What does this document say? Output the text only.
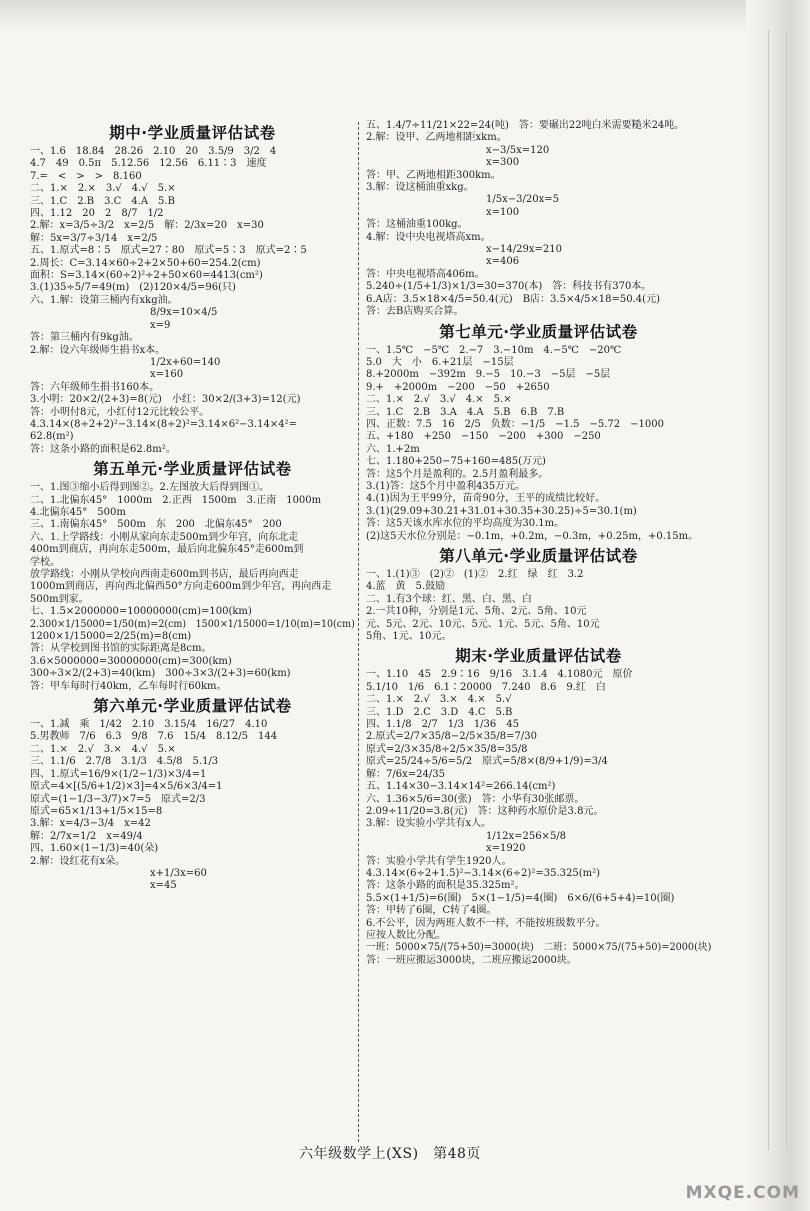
期中·学业质量评估试卷
一、1.6　18.84　28.26　2.10　20　3.5/9　3/2　4
4.7　49　0.5π　5.12.56　12.56　6.11∶3　速度
7.=　<　>　>　8.160
二、1.×　2.×　3.√　4.√　5.×
三、1.C　2.B　3.C　4.A　5.B
四、1.12　20　2　8/7　1/2
2.解：x=3/5÷3/2　x=2/5　解：2/3x=20　x=30
解：5x=3/7÷3/14　x=2/5
五、1.原式=8∶5　原式=27∶80　原式=5∶3　原式=2∶5
2.周长：C=3.14×60÷2+2×50+60=254.2(cm)
面积：S=3.14×(60÷2)²÷2+50×60=4413(cm²)
3.(1)35÷5/7=49(m)　(2)120×4/5=96(只)
六、1.解：设第三桶内有xkg油。
8/9x=10×4/5
x=9
答：第三桶内有9kg油。
2.解：设六年级师生捐书x本。
1/2x+60=140
x=160
答：六年级师生捐书160本。
3.小明：20×2/(2+3)=8(元)　小红：30×2/(3+3)=12(元)
答：小明付8元，小红付12元比较公平。
4.3.14×(8÷2+2)²−3.14×(8÷2)²=3.14×6²−3.14×4²=
62.8(m²)
答：这条小路的面积是62.8m²。
第五单元·学业质量评估试卷
一、1.图③缩小后得到图②。2.左图放大后得到图①。
二、1.北偏东45°　1000m　2.正西　1500m　3.正南　1000m
4.北偏东45°　500m
三、1.南偏东45°　500m　东　200　北偏东45°　200
六、1.上学路线：小刚从家向东走500m到少年宫，向东北走
400m到商店，再向东走500m，最后向北偏东45°走600m到
学校。
放学路线：小刚从学校向西南走600m到书店，最后再向西走
1000m到商店，再向西北偏西50°方向走600m到少年宫，再向西走
500m到家。
七、1.5×2000000=10000000(cm)=100(km)
2.300×1/15000=1/50(m)=2(cm)　1500×1/15000=1/10(m)=10(cm)
1200×1/15000=2/25(m)=8(cm)
答：从学校到图书馆的实际距离是8cm。
3.6×5000000=30000000(cm)=300(km)
300÷3×2/(2+3)=40(km)　300÷3×3/(2+3)=60(km)
答：甲车每时行40km，乙车每时行60km。
第六单元·学业质量评估试卷
一、1.减　乘　1/42　2.10　3.15/4　16/27　4.10
5.男教师　7/6　6.3　9/8　7.6　15/4　8.12/5　144
二、1.×　2.√　3.×　4.√　5.×
三、1.1/6　2.7/8　3.1/3　4.5/8　5.1/3
四、1.原式=16/9×(1/2−1/3)×3/4=1
原式=4×[(5/6+1/2)×3]=4×5/6×3/4=1
原式=(1−1/3−3/7)×7=5　原式=2/3
原式=65×1/13+1/5×15=8
3.解：x=4/3−3/4　x=42
解：2/7x=1/2　x=49/4
四、1.60×(1−1/3)=40(朵)
2.解：设红花有x朵。
x+1/3x=60
x=45
五、1.4/7÷11/21×22=24(吨)　答：要碾出22吨白米需要糙米24吨。
2.解：设甲、乙两地相距xkm。
x−3/5x=120
x=300
答：甲、乙两地相距300km。
3.解：设这桶油重xkg。
1/5x−3/20x=5
x=100
答：这桶油重100kg。
4.解：设中央电视塔高xm。
x−14/29x=210
x=406
答：中央电视塔高406m。
5.240÷(1/5+1/3)×1/3=30=370(本)　答：科技书有370本。
6.A店：3.5×18×4/5=50.4(元)　B店：3.5×4/5×18=50.4(元)
答：去B店购买合算。
第七单元·学业质量评估试卷
一、1.5℃　−5℃　2.−7　3.−10m　4.−5℃　−20℃
5.0　大　小　6.+21层　−15层
8.+2000m　−392m　9.−5　10.−3　−5层　−5层
9.+　+2000m　−200　−50　+2650
二、1.×　2.√　3.√　4.×　5.×
三、1.C　2.B　3.A　4.A　5.B　6.B　7.B
四、正数：7.5　16　2/5　负数：−1/5　−1.5　−5.72　−1000
五、+180　+250　−150　−200　+300　−250
六、1.+2m
七、1.180+250−75+160=485(万元)
答：这5个月是盈利的。2.5月盈利最多。
3.(1)答：这5个月中盈利435万元。
4.(1)因为王平99分，苗奇90分，王平的成绩比较好。
3.(1)(29.09+30.21+31.01+30.35+30.25)÷5=30.1(m)
答：这5天该水库水位的平均高度为30.1m。
(2)这5天水位分别是：−0.1m，+0.2m，−0.3m，+0.25m，+0.15m。
第八单元·学业质量评估试卷
一、1.(1)③　(2)②　(1)②　2.红　绿　红　3.2
4.蓝　黄　5.鼓励
二、1.有3个球：红、黑、白、黑、白
2.一共10种，分别是1元、5角、2元、5角、10元
元、5元、2元、10元、5元、1元、5元、5角、10元
5角、1元、10元。
期末·学业质量评估试卷
一、1.10　45　2.9∶16　9/16　3.1.4　4.1080元　原价
5.1/10　1/6　6.1∶20000　7.240　8.6　9.红　白
二、1.×　2.√　3.×　4.×　5.√
三、1.D　2.C　3.D　4.C　5.B
四、1.1/8　2/7　1/3　1/36　45
2.原式=2/7×35/8−2/5×35/8=7/30
原式=2/3×35/8÷2/5×35/8=35/8
原式=25/24÷5/6=5/2　原式=5/8×(8/9+1/9)=3/4
解：7/6x=24/35
五、1.14×30−3.14×14²=266.14(cm²)
六、1.36×5/6=30(张)　答：小华有30张邮票。
2.09÷11/20=3.8(元)　答：这种药水原价是3.8元。
3.解：设实验小学共有x人。
1/12x=256×5/8
x=1920
答：实验小学共有学生1920人。
4.3.14×(6÷2+1.5)²−3.14×(6÷2)²=35.325(m²)
答：这条小路的面积是35.325m²。
5.5×(1+1/5)=6(圈)　5×(1−1/5)=4(圈)　6×6/(6+5+4)=10(圈)
答：甲转了6圈，C转了4圈。
6.不公平，因为两班人数不一样，不能按班级数平分。
应按人数比分配。
一班：5000×75/(75+50)=3000(块)　二班：5000×75/(75+50)=2000(块)
答：一班应搬运3000块，二班应搬运2000块。
六年级数学上(XS)　第48页
MXQE.COM
